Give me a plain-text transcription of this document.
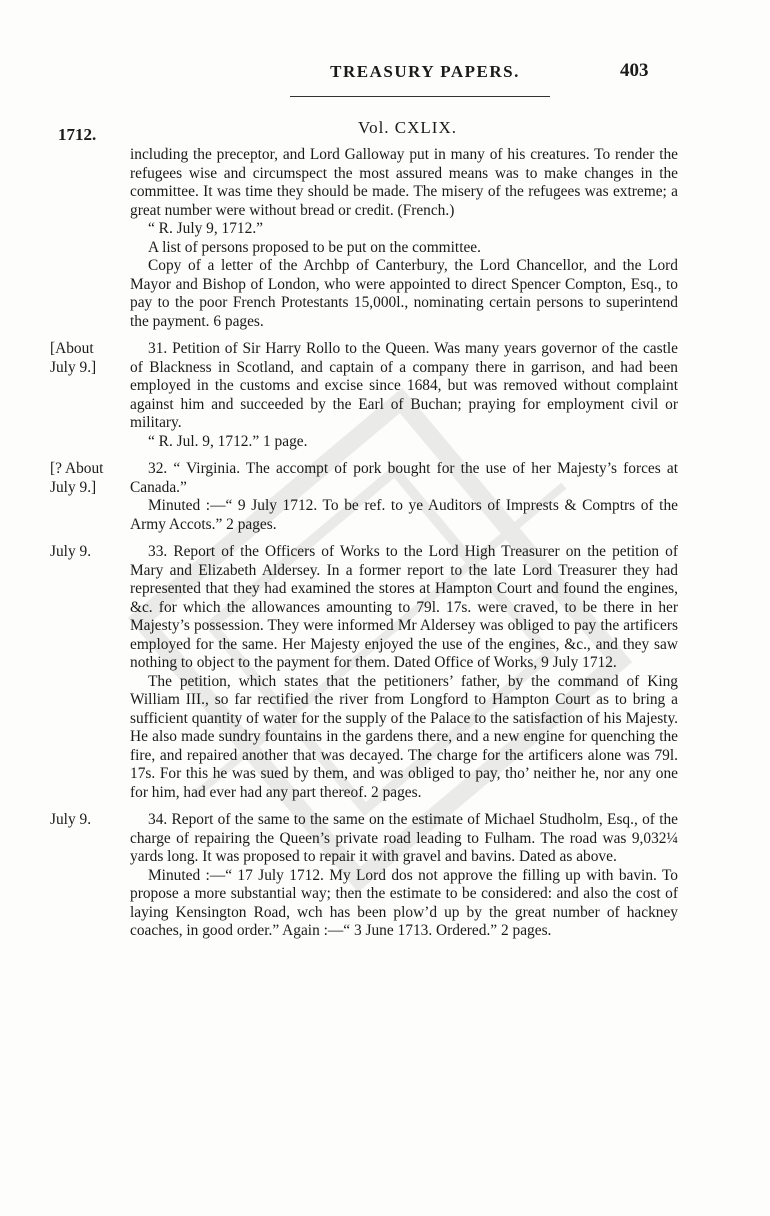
TREASURY PAPERS.	403
1712.	Vol. CXLIX.

including the preceptor, and Lord Galloway put in many of his creatures. To render the refugees wise and circumspect the most assured means was to make changes in the committee. It was time they should be made. The misery of the refugees was extreme; a great number were without bread or credit. (French.)

“ R. July 9, 1712.”

A list of persons proposed to be put on the committee.

Copy of a letter of the Archbp of Canterbury, the Lord Chancellor, and the Lord Mayor and Bishop of London, who were appointed to direct Spencer Compton, Esq., to pay to the poor French Protestants 15,000l., nominating certain persons to superintend the payment. 6 pages.

[About July 9.]

31. Petition of Sir Harry Rollo to the Queen. Was many years governor of the castle of Blackness in Scotland, and captain of a company there in garrison, and had been employed in the customs and excise since 1684, but was removed without complaint against him and succeeded by the Earl of Buchan; praying for employment civil or military.

“ R. Jul. 9, 1712.” 1 page.

[? About July 9.]

32. “ Virginia. The accompt of pork bought for the use of her Majesty’s forces at Canada.”

Minuted :—“ 9 July 1712. To be ref. to ye Auditors of Imprests & Comptrs of the Army Accots.” 2 pages.

July 9.	33. Report of the Officers of Works to the Lord High Treasurer on the petition of Mary and Elizabeth Aldersey. In a former report to the late Lord Treasurer they had represented that they had examined the stores at Hampton Court and found the engines, &c. for which the allowances amounting to 79l. 17s. were craved, to be there in her Majesty’s possession. They were informed Mr Aldersey was obliged to pay the artificers employed for the same. Her Majesty enjoyed the use of the engines, &c., and they saw nothing to object to the payment for them. Dated Office of Works, 9 July 1712.

The petition, which states that the petitioners’ father, by the command of King William III., so far rectified the river from Longford to Hampton Court as to bring a sufficient quantity of water for the supply of the Palace to the satisfaction of his Majesty. He also made sundry fountains in the gardens there, and a new engine for quenching the fire, and repaired another that was decayed. The charge for the artificers alone was 79l. 17s. For this he was sued by them, and was obliged to pay, tho’ neither he, nor any one for him, had ever had any part thereof. 2 pages.

July 9.	34. Report of the same to the same on the estimate of Michael Studholm, Esq., of the charge of repairing the Queen’s private road leading to Fulham. The road was 9,032¼ yards long. It was proposed to repair it with gravel and bavins. Dated as above.

Minuted :—“ 17 July 1712. My Lord dos not approve the filling up with bavin. To propose a more substantial way; then the estimate to be considered: and also the cost of laying Kensington Road, wch has been plow’d up by the great number of hackney coaches, in good order.” Again :—“ 3 June 1713. Ordered.” 2 pages.
